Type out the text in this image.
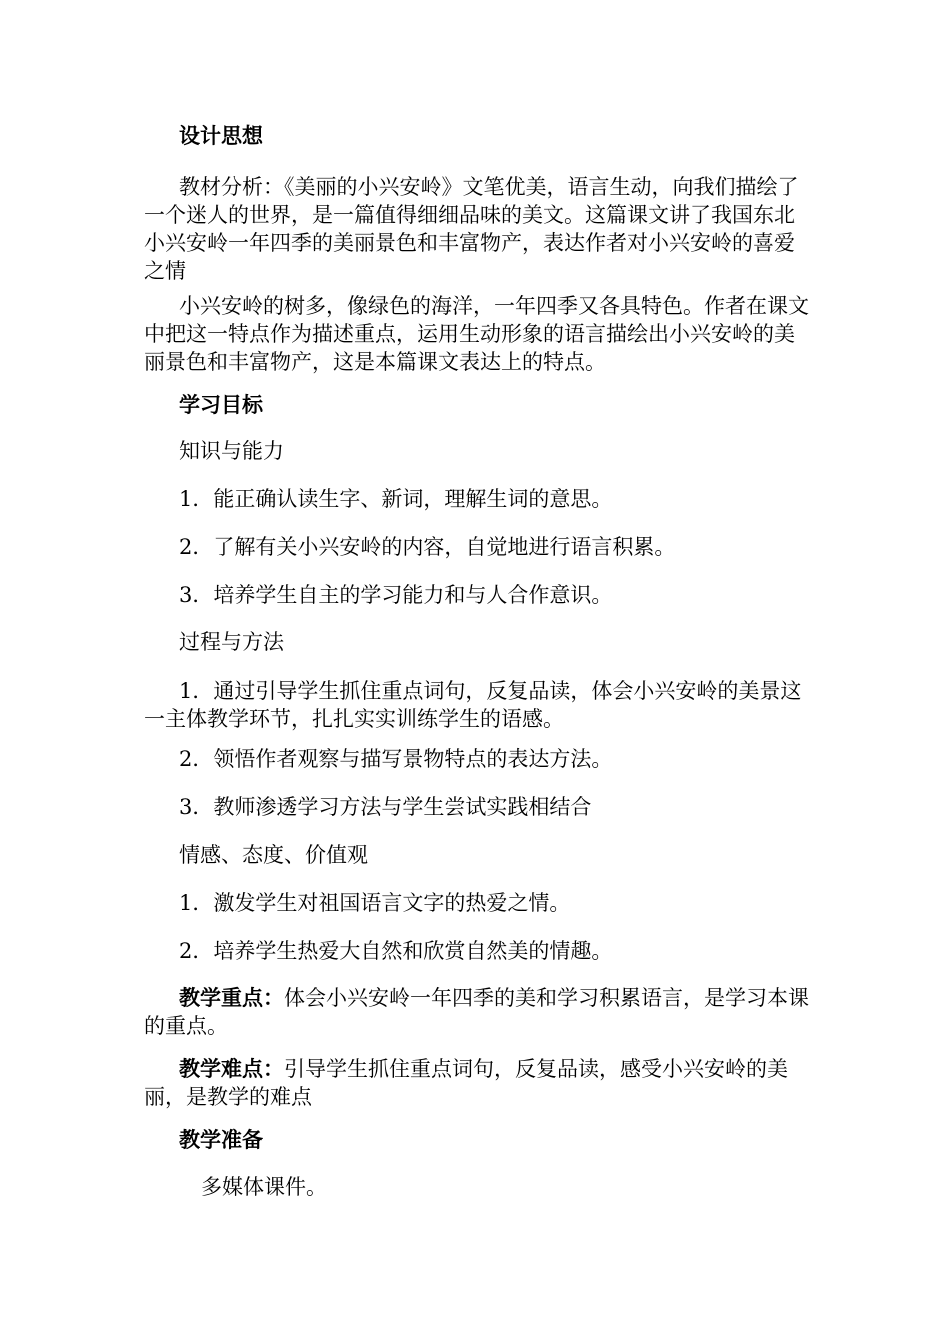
设计思想

教材分析：《美丽的小兴安岭》文笔优美，语言生动，向我们描绘了一个迷人的世界，是一篇值得细细品味的美文。这篇课文讲了我国东北小兴安岭一年四季的美丽景色和丰富物产，表达作者对小兴安岭的喜爱之情

小兴安岭的树多，像绿色的海洋，一年四季又各具特色。作者在课文中把这一特点作为描述重点，运用生动形象的语言描绘出小兴安岭的美丽景色和丰富物产，这是本篇课文表达上的特点。

学习目标

知识与能力

1．能正确认读生字、新词，理解生词的意思。

2．了解有关小兴安岭的内容，自觉地进行语言积累。

3．培养学生自主的学习能力和与人合作意识。

过程与方法

1．通过引导学生抓住重点词句，反复品读，体会小兴安岭的美景这一主体教学环节，扎扎实实训练学生的语感。

2．领悟作者观察与描写景物特点的表达方法。

3．教师渗透学习方法与学生尝试实践相结合

情感、态度、价值观

1．激发学生对祖国语言文字的热爱之情。

2．培养学生热爱大自然和欣赏自然美的情趣。

教学重点：体会小兴安岭一年四季的美和学习积累语言，是学习本课的重点。

教学难点：引导学生抓住重点词句，反复品读，感受小兴安岭的美丽，是教学的难点

教学准备

多媒体课件。
